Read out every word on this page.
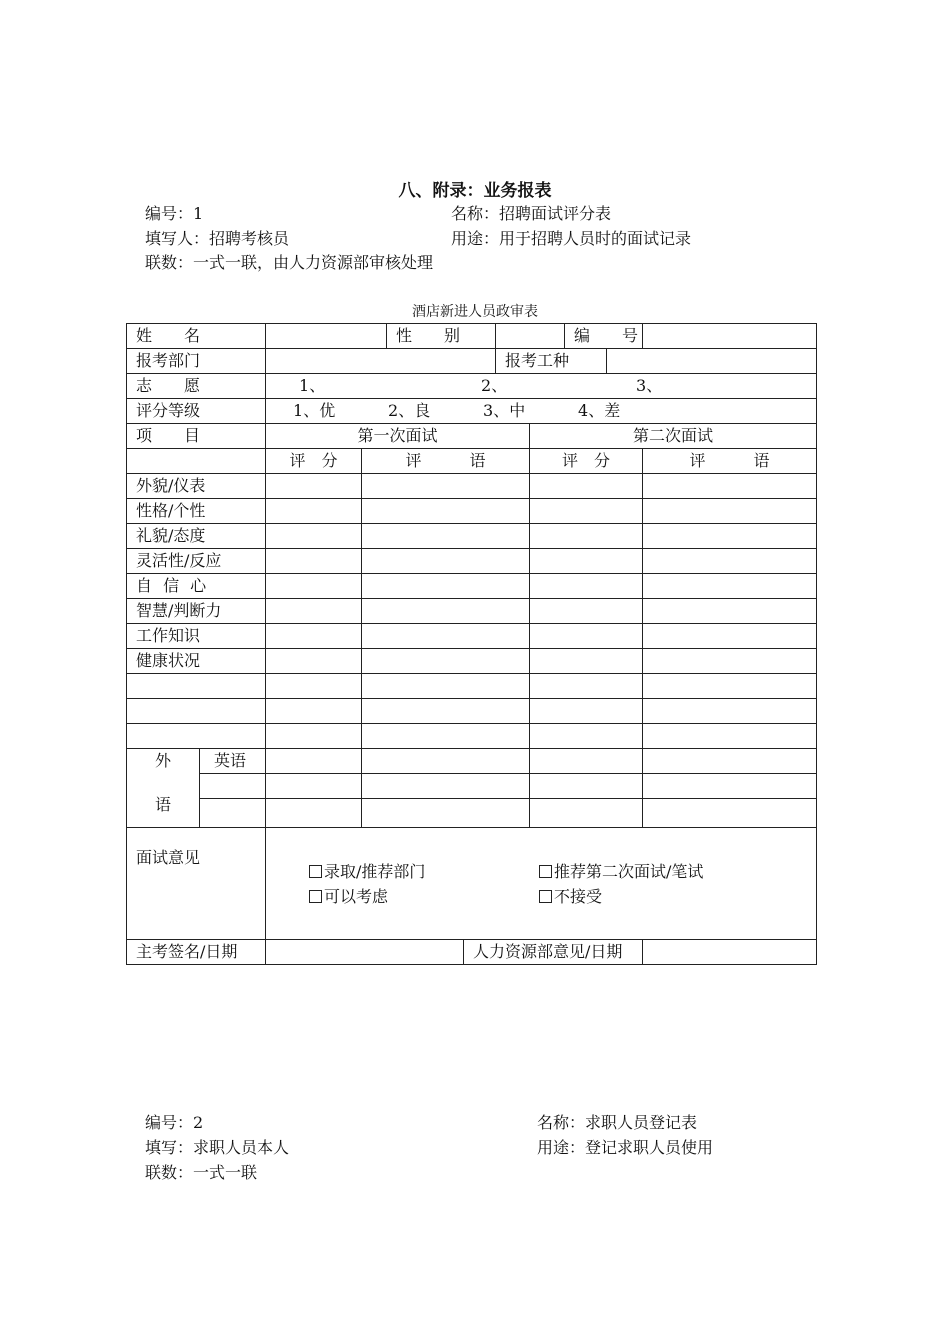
八、附录：业务报表
编号：1	名称：招聘面试评分表
填写人：招聘考核员	用途：用于招聘人员时的面试记录
联数：一式一联，由人力资源部审核处理
酒店新进人员政审表
姓　　名				性　　别				编　　号		
报考部门						报考工种				
志　　愿		1、 2、 3、								
评分等级		1、优 2、良 3、中 4、差								
项　　目		第一次面试					第二次面试			
		评　分	评　　　语				评　分			评　　　语
外貌/仪表										
性格/个性										
礼貌/态度										
灵活性/反应										
自 信 心										
智慧/判断力										
工作知识										
健康状况										

外
语	英语									

面试意见		录取/推荐部门 推荐第二次面试/笔试
可以考虑 不接受								

主考签名/日期					人力资源部意见/日期					
编号：2	名称：求职人员登记表
填写：求职人员本人	用途：登记求职人员使用
联数：一式一联
